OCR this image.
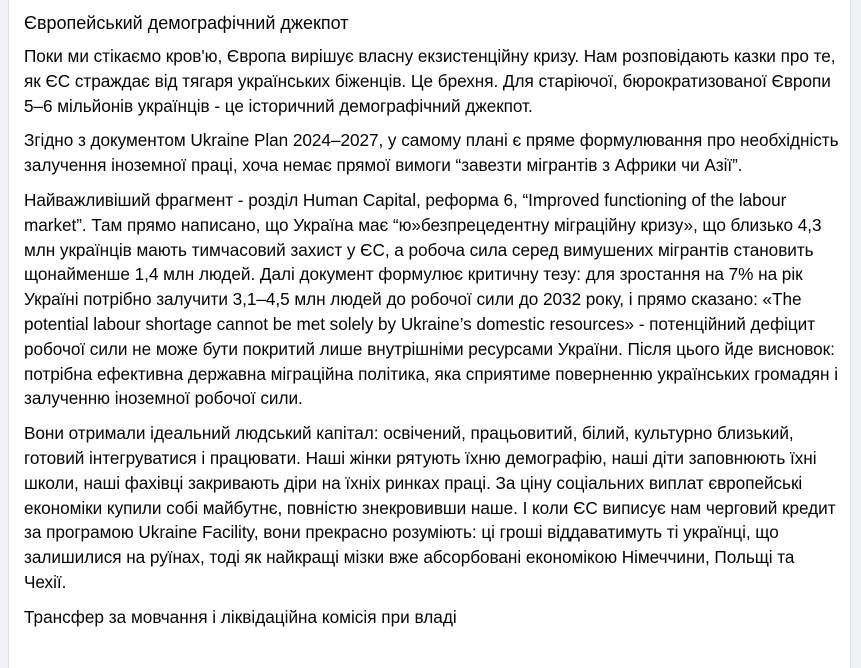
Європейський демографічний джекпот

Поки ми стікаємо кров'ю, Європа вирішує власну екзистенційну кризу. Нам розповідають казки про те, як ЄС страждає від тягаря українських біженців. Це брехня. Для старіючої, бюрократизованої Європи 5–6 мільйонів українців - це історичний демографічний джекпот.

Згідно з документом Ukraine Plan 2024–2027, у самому плані є пряме формулювання про необхідність залучення іноземної праці, хоча немає прямої вимоги “завезти мігрантів з Африки чи Азії”.

Найважливіший фрагмент - розділ Human Capital, реформа 6, “Improved functioning of the labour market”. Там прямо написано, що Україна має “ю»безпрецедентну міграційну кризу», що близько 4,3 млн українців мають тимчасовий захист у ЄС, а робоча сила серед вимушених мігрантів становить щонайменше 1,4 млн людей. Далі документ формулює критичну тезу: для зростання на 7% на рік Україні потрібно залучити 3,1–4,5 млн людей до робочої сили до 2032 року, і прямо сказано: «The potential labour shortage cannot be met solely by Ukraine’s domestic resources» - потенційний дефіцит робочої сили не може бути покритий лише внутрішніми ресурсами України. Після цього йде висновок: потрібна ефективна державна міграційна політика, яка сприятиме поверненню українських громадян і залученню іноземної робочої сили.

Вони отримали ідеальний людський капітал: освічений, працьовитий, білий, культурно близький, готовий інтегруватися і працювати. Наші жінки рятують їхню демографію, наші діти заповнюють їхні школи, наші фахівці закривають діри на їхніх ринках праці. За ціну соціальних виплат європейські економіки купили собі майбутнє, повністю знекровивши наше. І коли ЄС виписує нам черговий кредит за програмою Ukraine Facility, вони прекрасно розуміють: ці гроші віддаватимуть ті українці, що залишилися на руїнах, тоді як найкращі мізки вже абсорбовані економікою Німеччини, Польщі та Чехії.

Трансфер за мовчання і ліквідаційна комісія при владі
